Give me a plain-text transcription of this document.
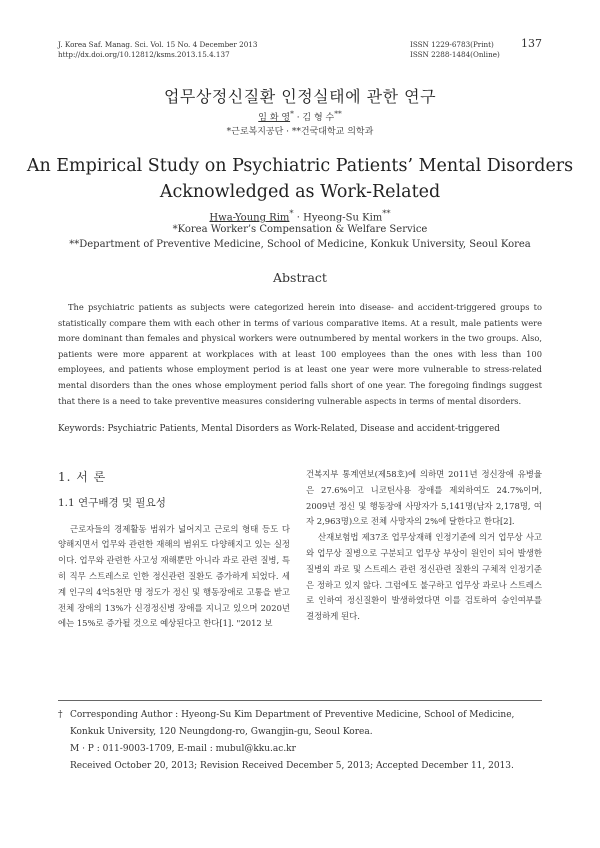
J. Korea Saf. Manag. Sci. Vol. 15 No. 4 December 2013
http://dx.doi.org/10.12812/ksms.2013.15.4.137
ISSN 1229-6783(Print)
ISSN 2288-1484(Online)
137
업무상정신질환 인정실태에 관한 연구
임 화 영* · 김 형 수**
*근로복지공단 · **건국대학교 의학과
An Empirical Study on Psychiatric Patients’ Mental Disorders
Acknowledged as Work-Related
Hwa-Young Rim* · Hyeong-Su Kim**
*Korea Worker’s Compensation & Welfare Service
**Department of Preventive Medicine, School of Medicine, Konkuk University, Seoul Korea
Abstract
The psychiatric patients as subjects were categorized herein into disease- and accident-triggered groups to statistically compare them with each other in terms of various comparative items. At a result, male patients were more dominant than females and physical workers were outnumbered by mental workers in the two groups. Also, patients were more apparent at workplaces with at least 100 employees than the ones with less than 100 employees, and patients whose employment period is at least one year were more vulnerable to stress-related mental disorders than the ones whose employment period falls short of one year. The foregoing findings suggest that there is a need to take preventive measures considering vulnerable aspects in terms of mental disorders.
Keywords: Psychiatric Patients, Mental Disorders as Work-Related, Disease and accident-triggered
1. 서 론
1.1 연구배경 및 필요성

근로자들의 경제활동 범위가 넓어지고 근로의 형태 등도 다양해지면서 업무와 관련한 재해의 범위도 다양해지고 있는 실정이다. 업무와 관련한 사고성 재해뿐만 아니라 과로 관련 질병, 특히 직무 스트레스로 인한 정신관련 질환도 증가하게 되었다. 세계 인구의 4억5천만 명 정도가 정신 및 행동장애로 고통을 받고 전체 장애의 13%가 신경정신병 장애를 지니고 있으며 2020년에는 15%로 증가될 것으로 예상된다고 한다[1]. "2012 보

건복지부 통계연보(제58호)에 의하면 2011년 정신장애 유병율은 27.6%이고 니코틴사용 장애를 제외하여도 24.7%이며, 2009년 정신 및 행동장애 사망자가 5,141명(남자 2,178명, 여자 2,963명)으로 전체 사망자의 2%에 달한다고 한다[2].

산재보험법 제37조 업무상재해 인정기준에 의거 업무상 사고와 업무상 질병으로 구분되고 업무상 부상이 원인이 되어 발생한 질병외 과로 및 스트레스 관련 정신관련 질환의 구체적 인정기준은 정하고 있지 않다. 그럼에도 불구하고 업무상 과로나 스트레스로 인하여 정신질환이 발생하였다면 이를 검토하여 승인여부를 결정하게 된다.

† Corresponding Author : Hyeong-Su Kim Department of Preventive Medicine, School of Medicine,
Konkuk University, 120 Neungdong-ro, Gwangjin-gu, Seoul Korea.
M · P : 011-9003-1709, E-mail : mubul@kku.ac.kr
Received October 20, 2013; Revision Received December 5, 2013; Accepted December 11, 2013.
